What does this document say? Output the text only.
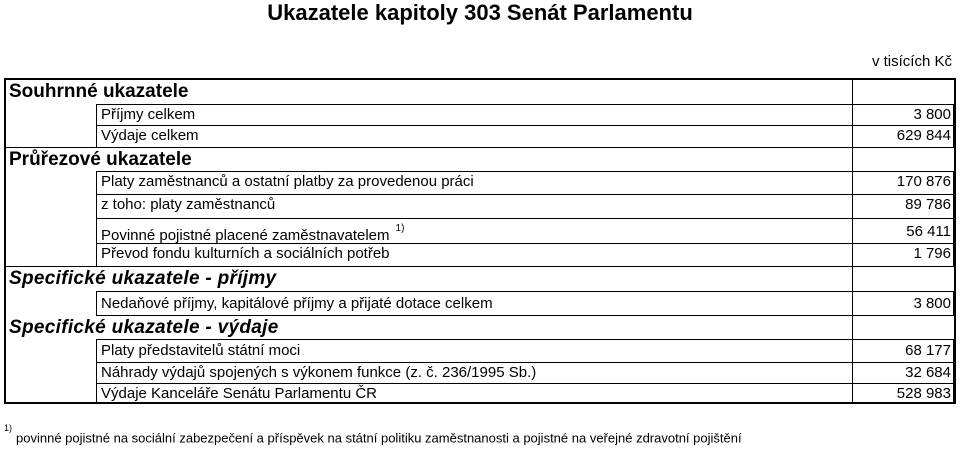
Ukazatele kapitoly 303 Senát Parlamentu
v tisících Kč
Souhrnné ukazatele
Příjmy celkem	3 800
Výdaje celkem	629 844
Průřezové ukazatele
Platy zaměstnanců a ostatní platby za provedenou práci	170 876
z toho: platy zaměstnanců	89 786
Povinné pojistné placené zaměstnavatelem $^{1)}$	56 411
Převod fondu kulturních a sociálních potřeb	1 796
Specifické ukazatele - příjmy
Nedaňové příjmy, kapitálové příjmy a přijaté dotace celkem	3 800
Specifické ukazatele - výdaje
Platy představitelů státní moci	68 177
Náhrady výdajů spojených s výkonem funkce (z. č. 236/1995 Sb.)	32 684
Výdaje Kanceláře Senátu Parlamentu ČR	528 983
$^{1)}$povinné pojistné na sociální zabezpečení a příspěvek na státní politiku zaměstnanosti a pojistné na veřejné zdravotní pojištění
